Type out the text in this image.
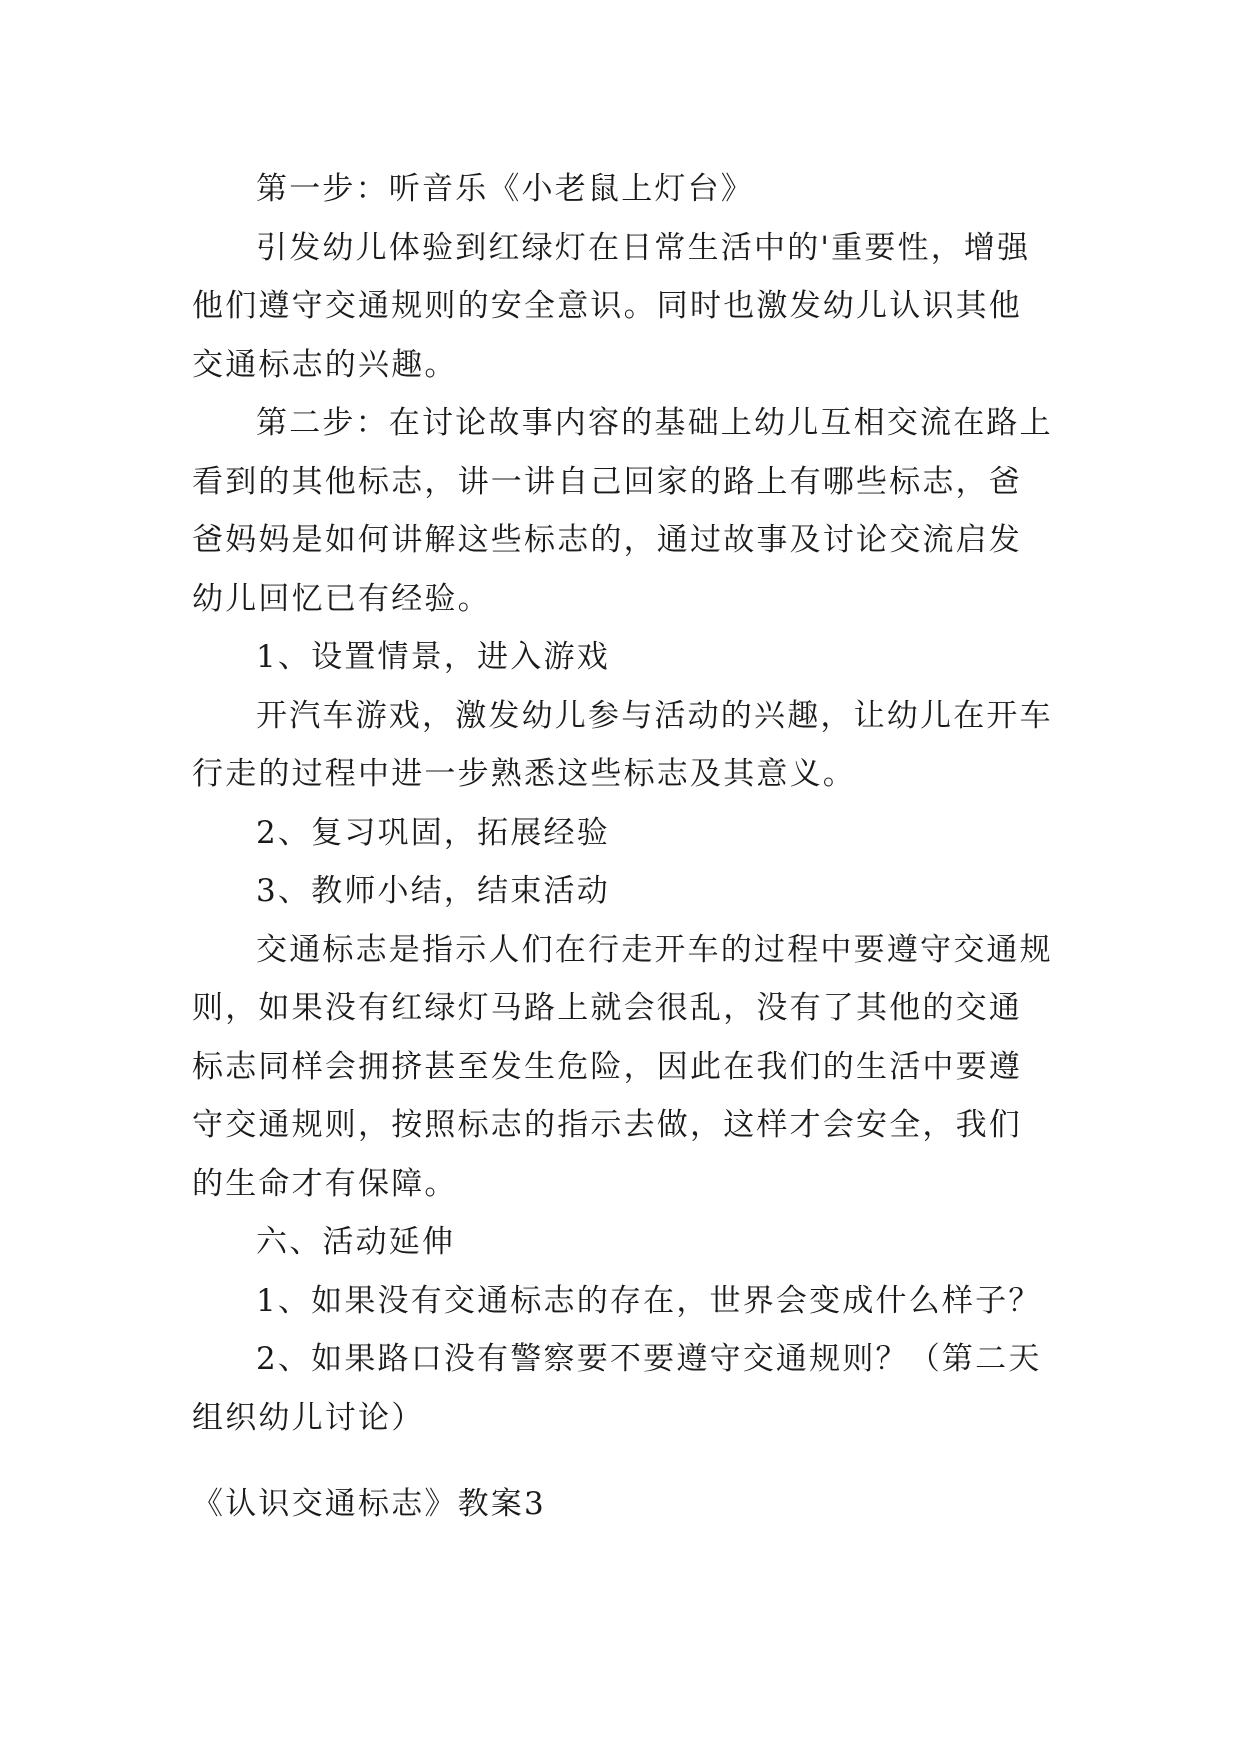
第一步：听音乐《小老鼠上灯台》

引发幼儿体验到红绿灯在日常生活中的'重要性，增强他们遵守交通规则的安全意识。同时也激发幼儿认识其他交通标志的兴趣。

第二步：在讨论故事内容的基础上幼儿互相交流在路上看到的其他标志，讲一讲自己回家的路上有哪些标志，爸爸妈妈是如何讲解这些标志的，通过故事及讨论交流启发幼儿回忆已有经验。

1、设置情景，进入游戏

开汽车游戏，激发幼儿参与活动的兴趣，让幼儿在开车行走的过程中进一步熟悉这些标志及其意义。

2、复习巩固，拓展经验

3、教师小结，结束活动

交通标志是指示人们在行走开车的过程中要遵守交通规则，如果没有红绿灯马路上就会很乱，没有了其他的交通标志同样会拥挤甚至发生危险，因此在我们的生活中要遵守交通规则，按照标志的指示去做，这样才会安全，我们的生命才有保障。

六、活动延伸

1、如果没有交通标志的存在，世界会变成什么样子？

2、如果路口没有警察要不要遵守交通规则？（第二天组织幼儿讨论）

《认识交通标志》教案3
